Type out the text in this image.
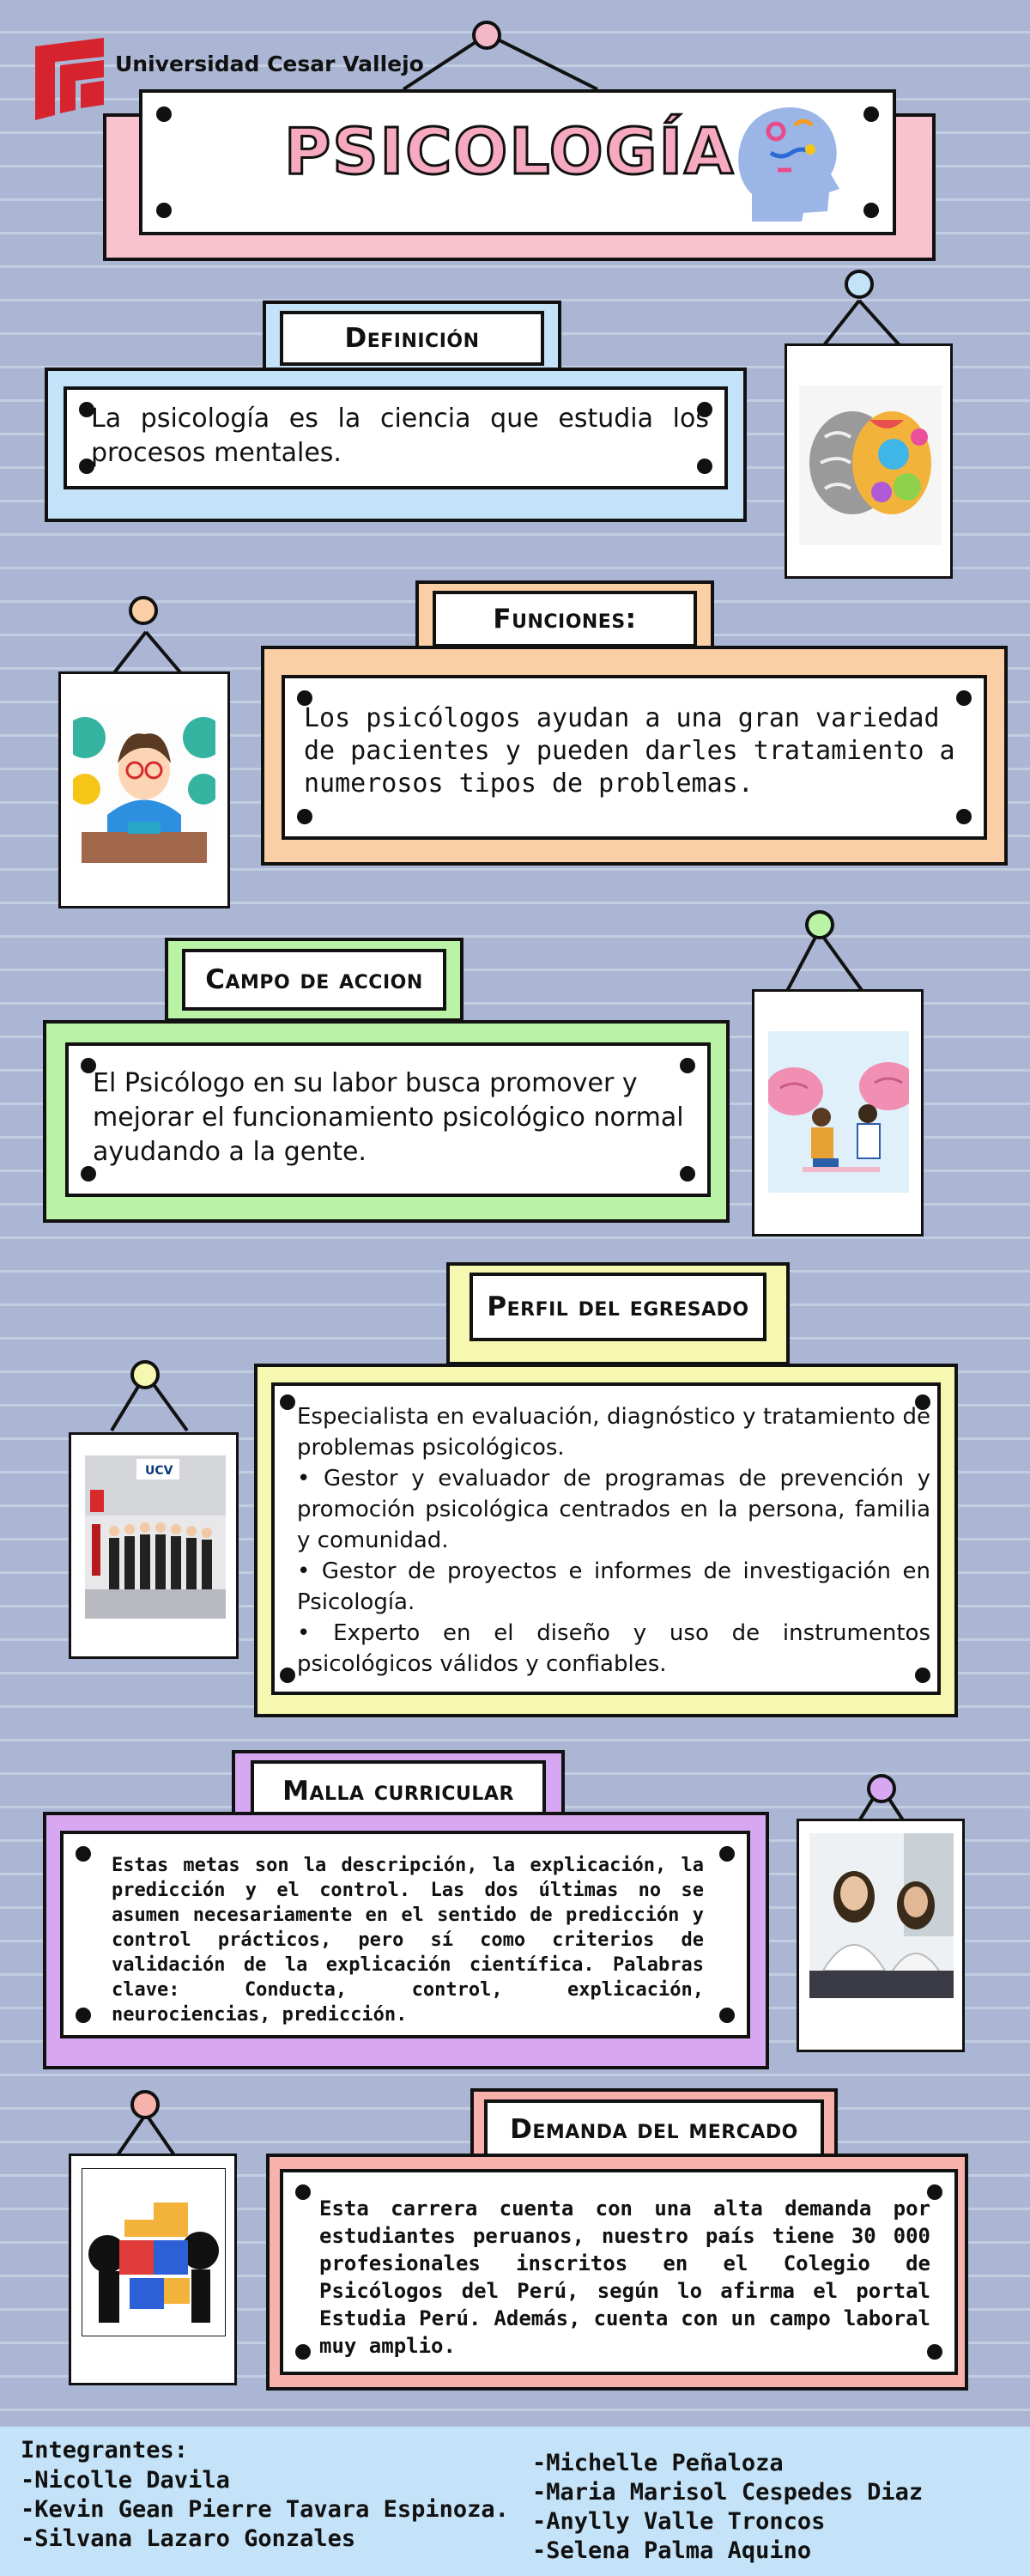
Universidad Cesar Vallejo
PSICOLOGÍA
Definición
La psicología es la ciencia que estudia los procesos mentales.
Funciones:
Los psicólogos ayudan a una gran variedad de pacientes y pueden darles tratamiento a numerosos tipos de problemas.
Campo de accion
El Psicólogo en su labor busca promover y mejorar el funcionamiento psicológico normal ayudando a la gente.
Perfil del egresado
Especialista en evaluación, diagnóstico y tratamiento de problemas psicológicos.
• Gestor y evaluador de programas de prevención y promoción psicológica centrados en la persona, familia y comunidad.
• Gestor de proyectos e informes de investigación en Psicología.
• Experto en el diseño y uso de instrumentos psicológicos válidos y confiables.
UCV
Malla curricular
Estas metas son la descripción, la explicación, la predicción y el control. Las dos últimas no se asumen necesariamente en el sentido de predicción y control prácticos, pero sí como criterios de validación de la explicación científica. Palabras clave: Conducta, control, explicación, neurociencias, predicción.
Demanda del mercado
Esta carrera cuenta con una alta demanda por estudiantes peruanos, nuestro país tiene 30 000 profesionales inscritos en el Colegio de Psicólogos del Perú, según lo afirma el portal Estudia Perú. Además, cuenta con un campo laboral muy amplio.
Integrantes:
-Nicolle Davila
-Kevin Gean Pierre Tavara Espinoza.
-Silvana Lazaro Gonzales
-Michelle Peñaloza
-Maria Marisol Cespedes Diaz
-Anylly Valle Troncos
-Selena Palma Aquino
